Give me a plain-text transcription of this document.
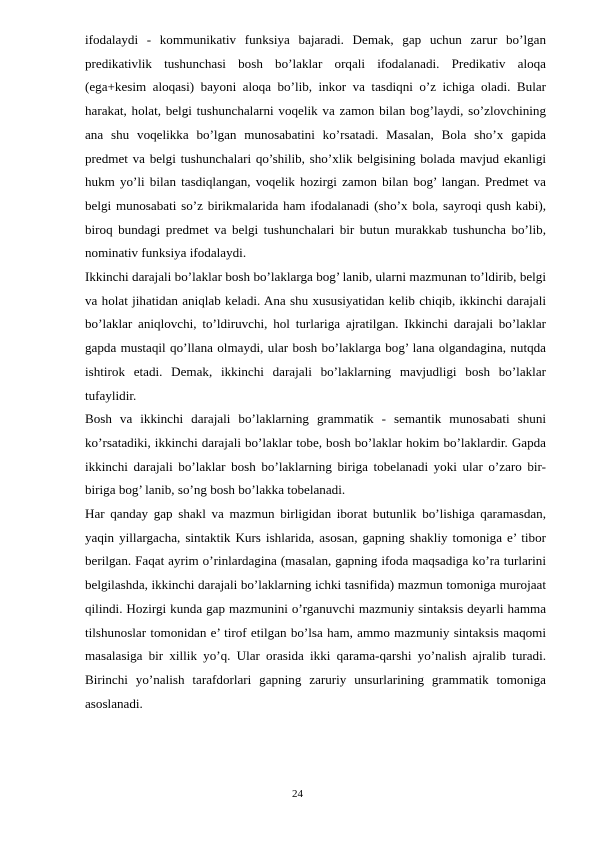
ifodalaydi - kommunikativ funksiya bajaradi. Demak, gap uchun zarur bo’lgan predikativlik tushunchasi bosh bo’laklar orqali ifodalanadi. Predikativ aloqa (ega+kesim aloqasi) bayoni aloqa bo’lib, inkor va tasdiqni o’z ichiga oladi. Bular harakat, holat, belgi tushunchalarni voqelik va zamon bilan bog’laydi, so’zlovchining ana shu voqelikka bo’lgan munosabatini ko’rsatadi. Masalan, Bola sho’x gapida predmet va belgi tushunchalari qo’shilib, sho’xlik belgisining bolada mavjud ekanligi hukm yo’li bilan tasdiqlangan, voqelik hozirgi zamon bilan bog’ langan. Predmet va belgi munosabati so’z birikmalarida ham ifodalanadi (sho’x bola, sayroqi qush kabi), biroq bundagi predmet va belgi tushunchalari bir butun murakkab tushuncha bo’lib, nominativ funksiya ifodalaydi.

Ikkinchi darajali bo’laklar bosh bo’laklarga bog’ lanib, ularni mazmunan to’ldirib, belgi va holat jihatidan aniqlab keladi. Ana shu xususiyatidan kelib chiqib, ikkinchi darajali bo’laklar aniqlovchi, to’ldiruvchi, hol turlariga ajratilgan. Ikkinchi darajali bo’laklar gapda mustaqil qo’llana olmaydi, ular bosh bo’laklarga bog’ lana olgandagina, nutqda ishtirok etadi. Demak, ikkinchi darajali bo’laklarning mavjudligi bosh bo’laklar tufaylidir.

Bosh va ikkinchi darajali bo’laklarning grammatik - semantik munosabati shuni ko’rsatadiki, ikkinchi darajali bo’laklar tobe, bosh bo’laklar hokim bo’laklardir. Gapda ikkinchi darajali bo’laklar bosh bo’laklarning biriga tobelanadi yoki ular o’zaro bir-biriga bog’ lanib, so’ng bosh bo’lakka tobelanadi.

Har qanday gap shakl va mazmun birligidan iborat butunlik bo’lishiga qaramasdan, yaqin yillargacha, sintaktik Kurs ishlarida, asosan, gapning shakliy tomoniga e’ tibor berilgan. Faqat ayrim o’rinlardagina (masalan, gapning ifoda maqsadiga ko’ra turlarini belgilashda, ikkinchi darajali bo’laklarning ichki tasnifida) mazmun tomoniga murojaat qilindi. Hozirgi kunda gap mazmunini o’rganuvchi mazmuniy sintaksis deyarli hamma tilshunoslar tomonidan e’ tirof etilgan bo’lsa ham, ammo mazmuniy sintaksis maqomi masalasiga bir xillik yo’q. Ular orasida ikki qarama-qarshi yo’nalish ajralib turadi. Birinchi yo’nalish tarafdorlari gapning zaruriy unsurlarining grammatik tomoniga asoslanadi.

24
